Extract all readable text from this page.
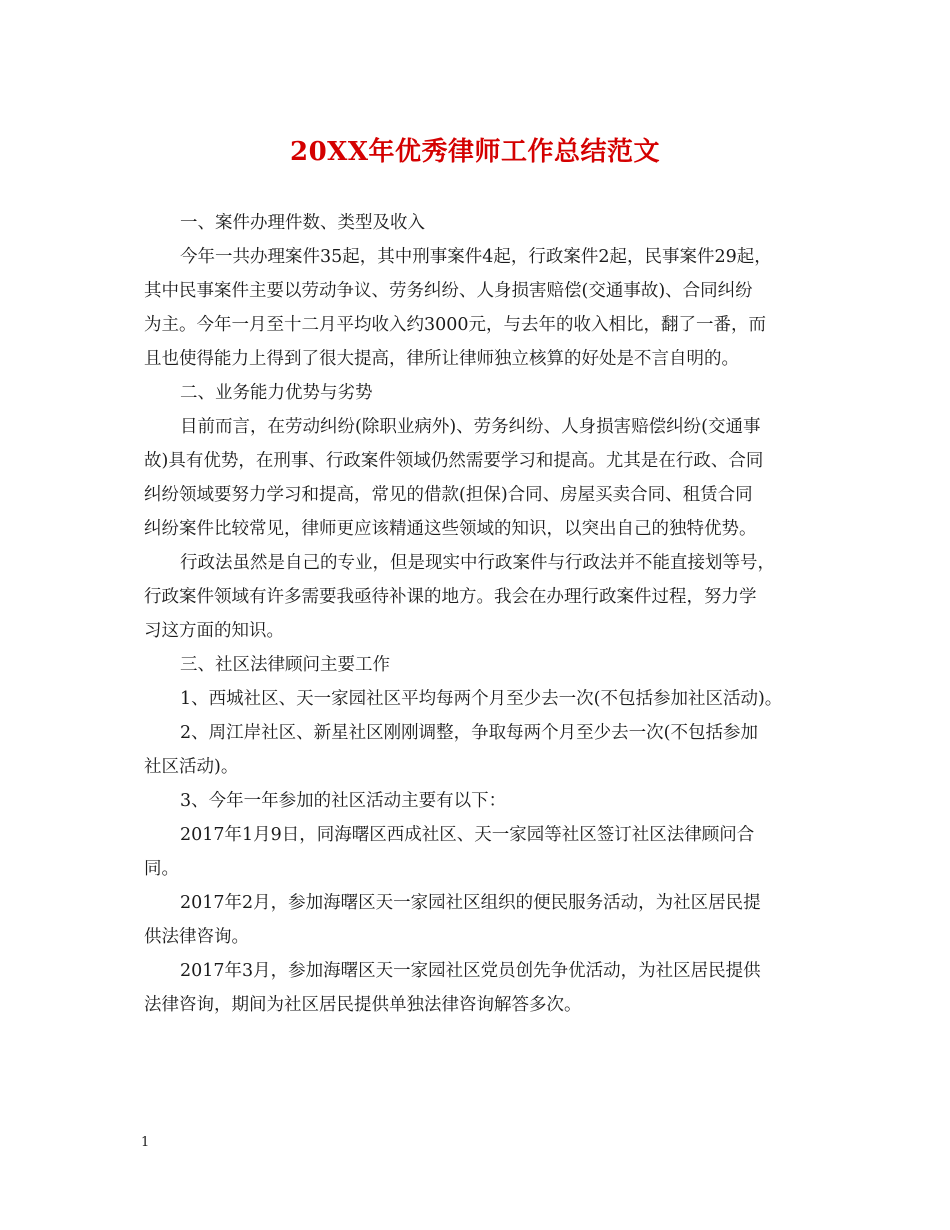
20XX年优秀律师工作总结范文
一、案件办理件数、类型及收入
今年一共办理案件35起，其中刑事案件4起，行政案件2起，民事案件29起，
其中民事案件主要以劳动争议、劳务纠纷、人身损害赔偿(交通事故)、合同纠纷
为主。今年一月至十二月平均收入约3000元，与去年的收入相比，翻了一番，而
且也使得能力上得到了很大提高，律所让律师独立核算的好处是不言自明的。
二、业务能力优势与劣势
目前而言，在劳动纠纷(除职业病外)、劳务纠纷、人身损害赔偿纠纷(交通事
故)具有优势，在刑事、行政案件领域仍然需要学习和提高。尤其是在行政、合同
纠纷领域要努力学习和提高，常见的借款(担保)合同、房屋买卖合同、租赁合同
纠纷案件比较常见，律师更应该精通这些领域的知识，以突出自己的独特优势。
行政法虽然是自己的专业，但是现实中行政案件与行政法并不能直接划等号，
行政案件领域有许多需要我亟待补课的地方。我会在办理行政案件过程，努力学
习这方面的知识。
三、社区法律顾问主要工作
1、西城社区、天一家园社区平均每两个月至少去一次(不包括参加社区活动)。
2、周江岸社区、新星社区刚刚调整，争取每两个月至少去一次(不包括参加
社区活动)。
3、今年一年参加的社区活动主要有以下：
2017年1月9日，同海曙区西成社区、天一家园等社区签订社区法律顾问合
同。
2017年2月，参加海曙区天一家园社区组织的便民服务活动，为社区居民提
供法律咨询。
2017年3月，参加海曙区天一家园社区党员创先争优活动，为社区居民提供
法律咨询，期间为社区居民提供单独法律咨询解答多次。
1
